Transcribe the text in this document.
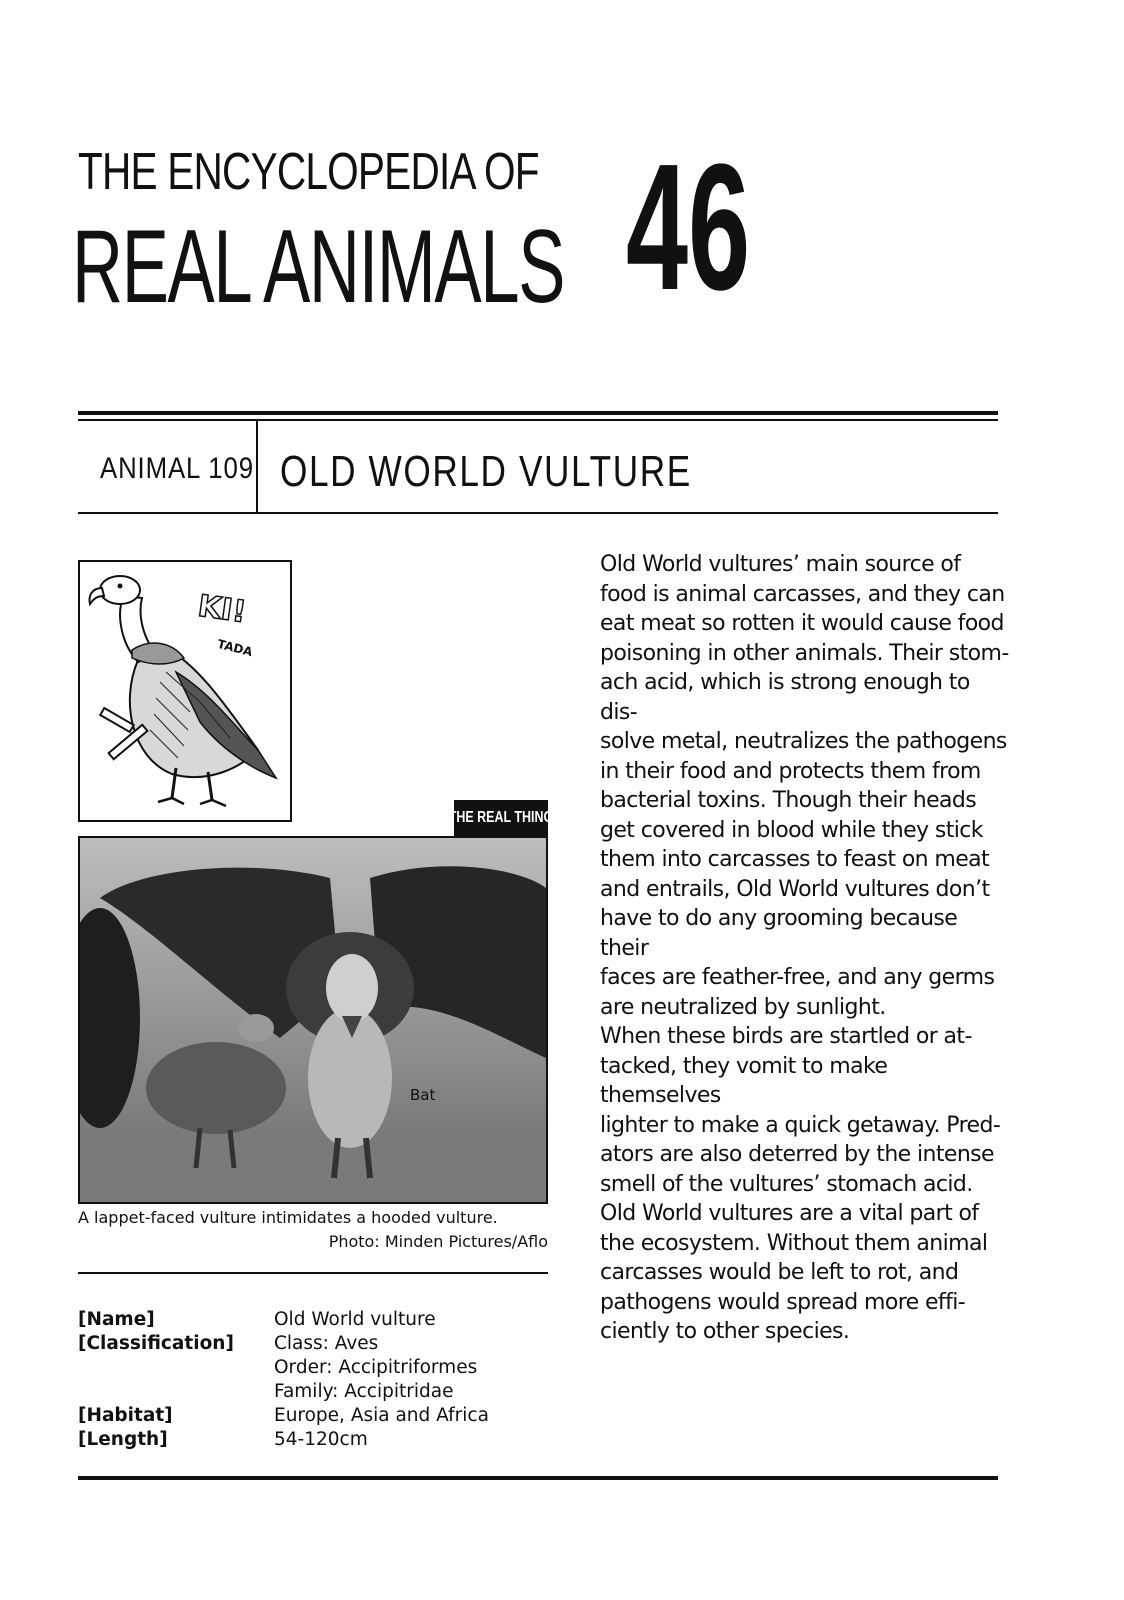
THE ENCYCLOPEDIA OF
REAL ANIMALS 46
ANIMAL 109 OLD WORLD VULTURE
KI!
TADA
THE REAL THING
Bat
A lappet-faced vulture intimidates a hooded vulture.
Photo: Minden Pictures/Aflo

Old World vultures’ main source of
food is animal carcasses, and they can
eat meat so rotten it would cause food
poisoning in other animals. Their stom-
ach acid, which is strong enough to dis-
solve metal, neutralizes the pathogens
in their food and protects them from
bacterial toxins. Though their heads
get covered in blood while they stick
them into carcasses to feast on meat
and entrails, Old World vultures don’t
have to do any grooming because their
faces are feather-free, and any germs
are neutralized by sunlight.

When these birds are startled or at-
tacked, they vomit to make themselves
lighter to make a quick getaway. Pred-
ators are also deterred by the intense
smell of the vultures’ stomach acid.

Old World vultures are a vital part of
the ecosystem. Without them animal
carcasses would be left to rot, and
pathogens would spread more effi-
ciently to other species.

[Name]	Old World vulture
[Classification] Class: Aves
Order: Accipitriformes
Family: Accipitridae
[Habitat]	Europe, Asia and Africa
[Length]	54-120cm
